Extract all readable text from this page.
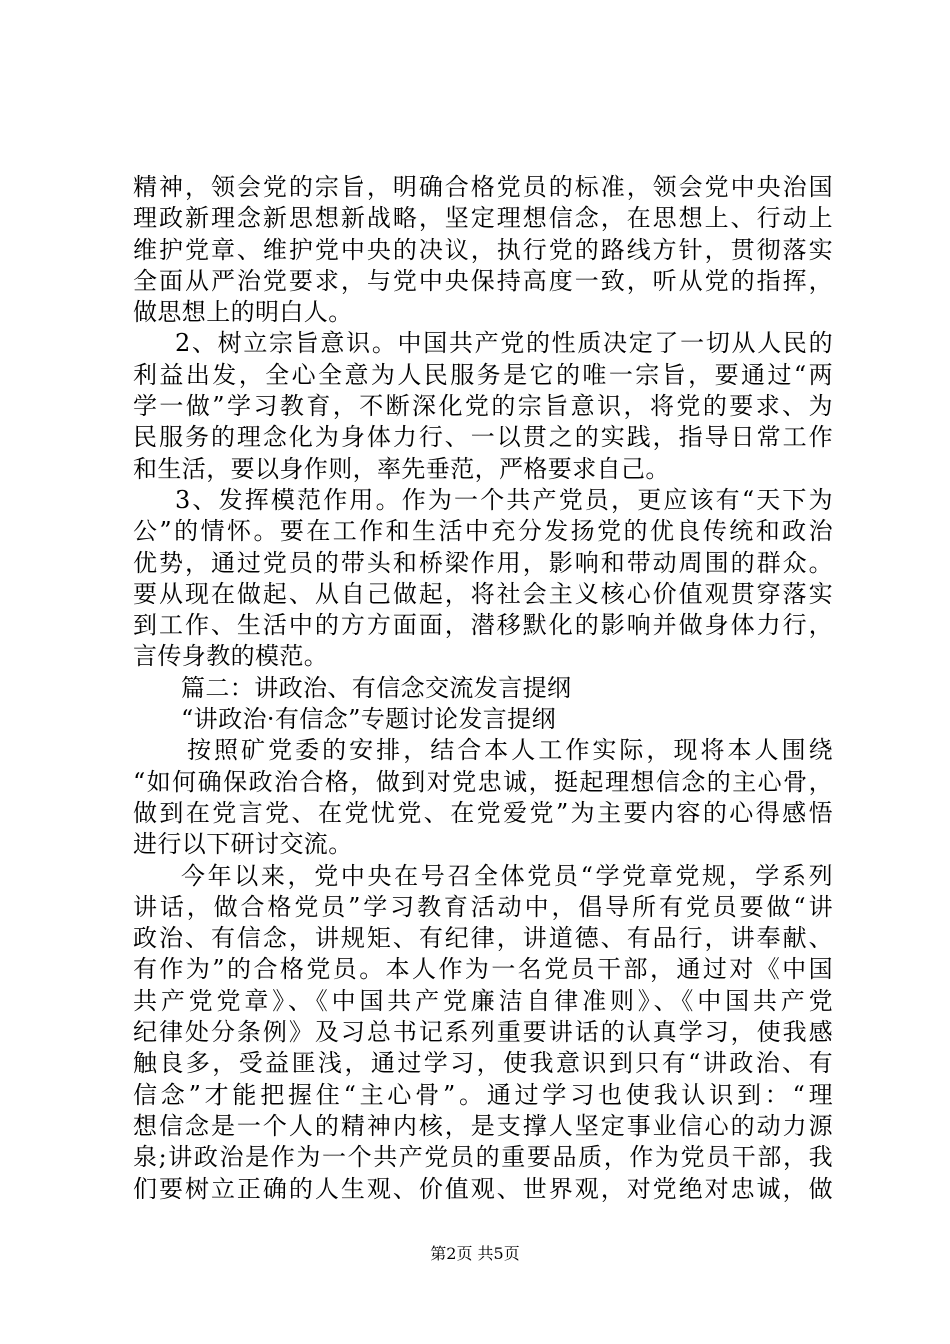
精神，领会党的宗旨，明确合格党员的标准，领会党中央治国
理政新理念新思想新战略，坚定理想信念，在思想上、行动上
维护党章、维护党中央的决议，执行党的路线方针，贯彻落实
全面从严治党要求，与党中央保持高度一致，听从党的指挥，
做思想上的明白人。
2、树立宗旨意识。中国共产党的性质决定了一切从人民的
利益出发，全心全意为人民服务是它的唯一宗旨，要通过“两
学一做”学习教育，不断深化党的宗旨意识，将党的要求、为
民服务的理念化为身体力行、一以贯之的实践，指导日常工作
和生活，要以身作则，率先垂范，严格要求自己。
3、发挥模范作用。作为一个共产党员，更应该有“天下为
公”的情怀。要在工作和生活中充分发扬党的优良传统和政治
优势，通过党员的带头和桥梁作用，影响和带动周围的群众。
要从现在做起、从自己做起，将社会主义核心价值观贯穿落实
到工作、生活中的方方面面，潜移默化的影响并做身体力行，
言传身教的模范。
篇二：讲政治、有信念交流发言提纲
“讲政治·有信念”专题讨论发言提纲
按照矿党委的安排，结合本人工作实际，现将本人围绕
“如何确保政治合格，做到对党忠诚，挺起理想信念的主心骨，
做到在党言党、在党忧党、在党爱党”为主要内容的心得感悟
进行以下研讨交流。
今年以来，党中央在号召全体党员“学党章党规，学系列
讲话，做合格党员”学习教育活动中，倡导所有党员要做“讲
政治、有信念，讲规矩、有纪律，讲道德、有品行，讲奉献、
有作为”的合格党员。本人作为一名党员干部，通过对《中国
共产党党章》、《中国共产党廉洁自律准则》、《中国共产党
纪律处分条例》及习总书记系列重要讲话的认真学习，使我感
触良多，受益匪浅，通过学习，使我意识到只有“讲政治、有
信念”才能把握住“主心骨”。通过学习也使我认识到：“理
想信念是一个人的精神内核，是支撑人坚定事业信心的动力源
泉;讲政治是作为一个共产党员的重要品质，作为党员干部，我
们要树立正确的人生观、价值观、世界观，对党绝对忠诚，做
第2页 共5页
